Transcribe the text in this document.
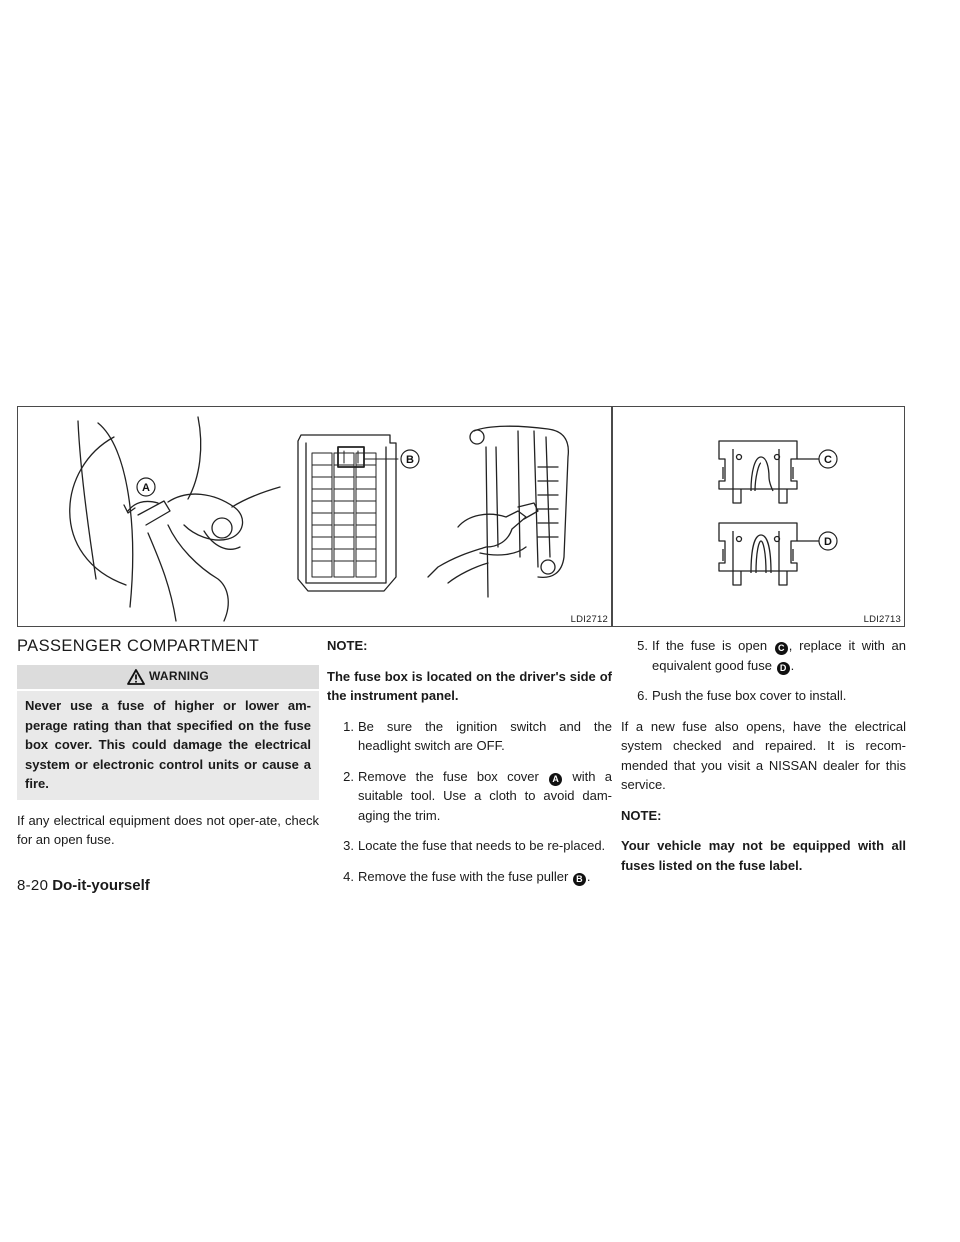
A
B
LDI2712
C
D
LDI2713
PASSENGER COMPARTMENT
WARNING
Never use a fuse of higher or lower am-perage rating than that specified on the fuse box cover. This could damage the electrical system or electronic control units or cause a fire.

If any electrical equipment does not oper-ate, check for an open fuse.

NOTE:

The fuse box is located on the driver's side of the instrument panel.

1. Be sure the ignition switch and the headlight switch are OFF.
2. Remove the fuse box cover A with a suitable tool. Use a cloth to avoid dam-aging the trim.
3. Locate the fuse that needs to be re-placed.
4. Remove the fuse with the fuse puller B .
5. If the fuse is open C , replace it with an equivalent good fuse D .
6. Push the fuse box cover to install.

If a new fuse also opens, have the electrical system checked and repaired. It is recom-mended that you visit a NISSAN dealer for this service.

NOTE:

Your vehicle may not be equipped with all fuses listed on the fuse label.

8-20 Do-it-yourself
